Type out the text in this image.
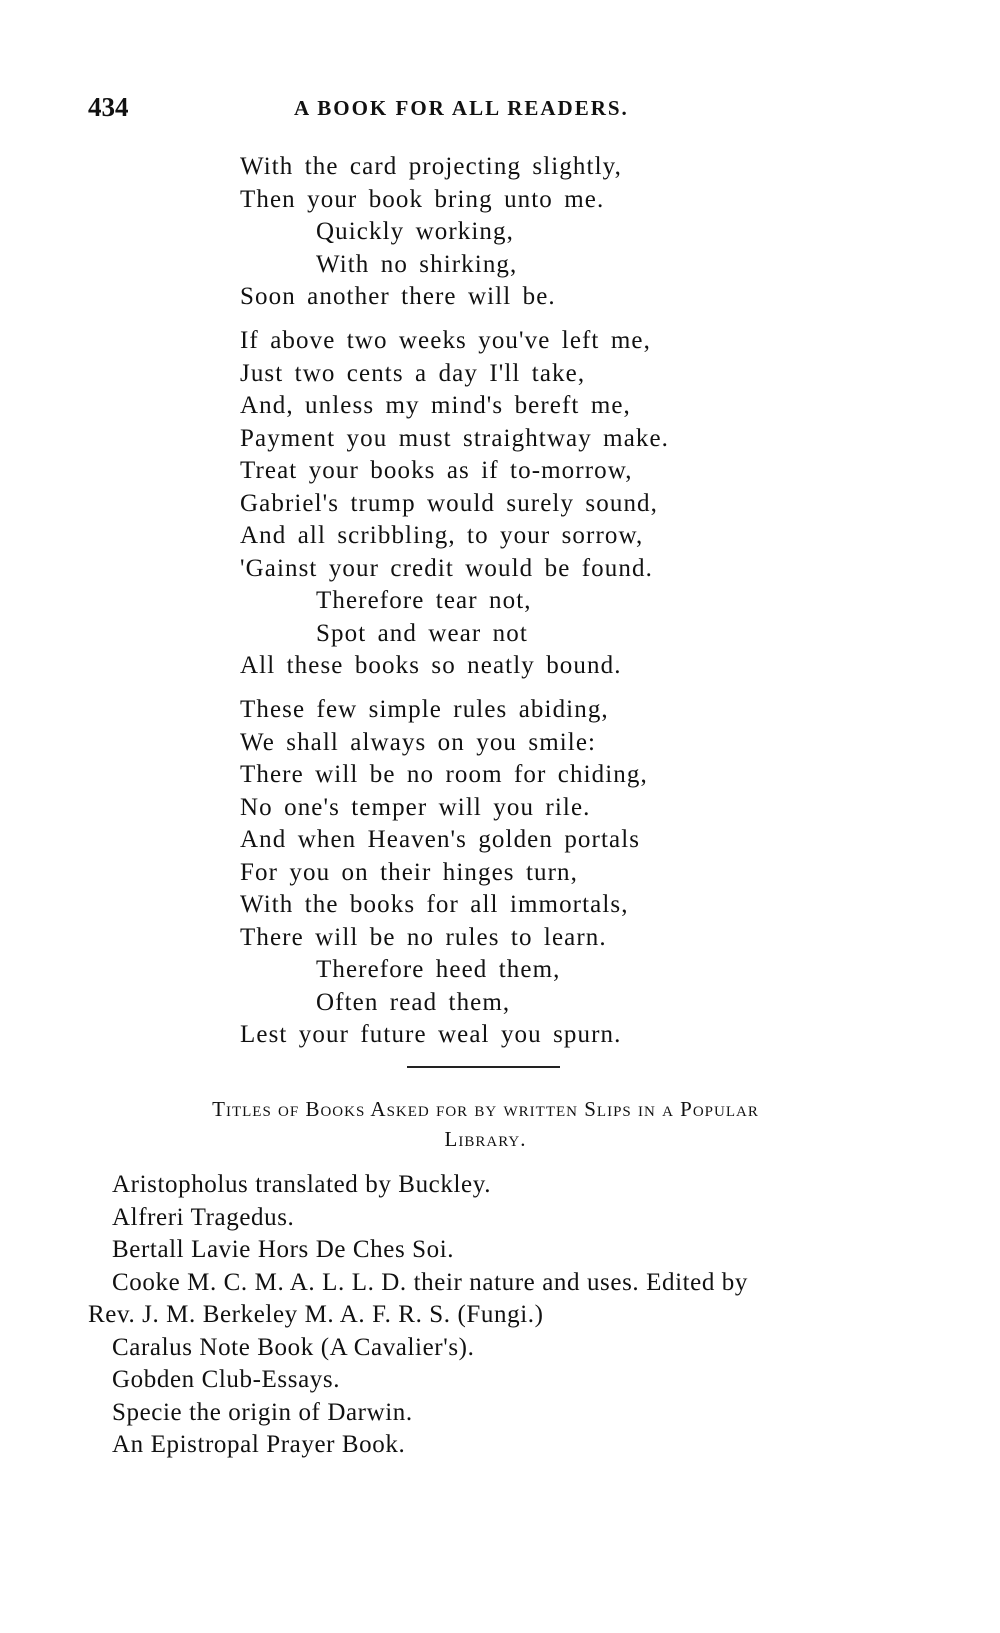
434	A BOOK FOR ALL READERS.
With the card projecting slightly,
Then your book bring unto me.
Quickly working,
With no shirking,
Soon another there will be.
If above two weeks you've left me,
Just two cents a day I'll take,
And, unless my mind's bereft me,
Payment you must straightway make.
Treat your books as if to-morrow,
Gabriel's trump would surely sound,
And all scribbling, to your sorrow,
'Gainst your credit would be found.
Therefore tear not,
Spot and wear not
All these books so neatly bound.
These few simple rules abiding,
We shall always on you smile:
There will be no room for chiding,
No one's temper will you rile.
And when Heaven's golden portals
For you on their hinges turn,
With the books for all immortals,
There will be no rules to learn.
Therefore heed them,
Often read them,
Lest your future weal you spurn.
Titles of Books Asked for by written Slips in a Popular
Library.
Aristopholus translated by Buckley.
Alfreri Tragedus.
Bertall Lavie Hors De Ches Soi.
Cooke M. C. M. A. L. L. D. their nature and uses. Edited by
Rev. J. M. Berkeley M. A. F. R. S. (Fungi.)
Caralus Note Book (A Cavalier's).
Gobden Club-Essays.
Specie the origin of Darwin.
An Epistropal Prayer Book.
